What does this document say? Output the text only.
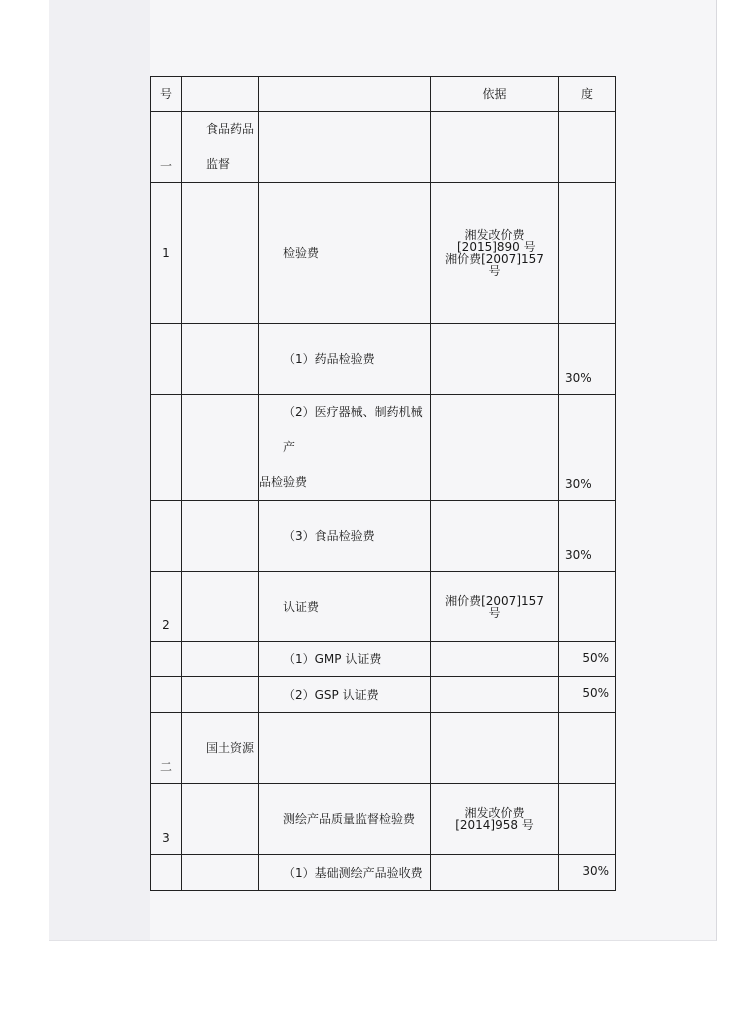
号			依据	度
一	食品药品
监督			

1		检验费	湘发改价费
[2015]890 号
湘价费[2007]157
号	

		（1）药品检验费		30%

		（2）医疗器械、制药机械产
品检验费		30%
		（3）食品检验费		30%
2		认证费	湘价费[2007]157
号	

		（1）GMP 认证费		50%
		（2）GSP 认证费		50%
二	国土资源			
3		测绘产品质量监督检验费	湘发改价费
[2014]958 号	

		（1）基础测绘产品验收费		30%
